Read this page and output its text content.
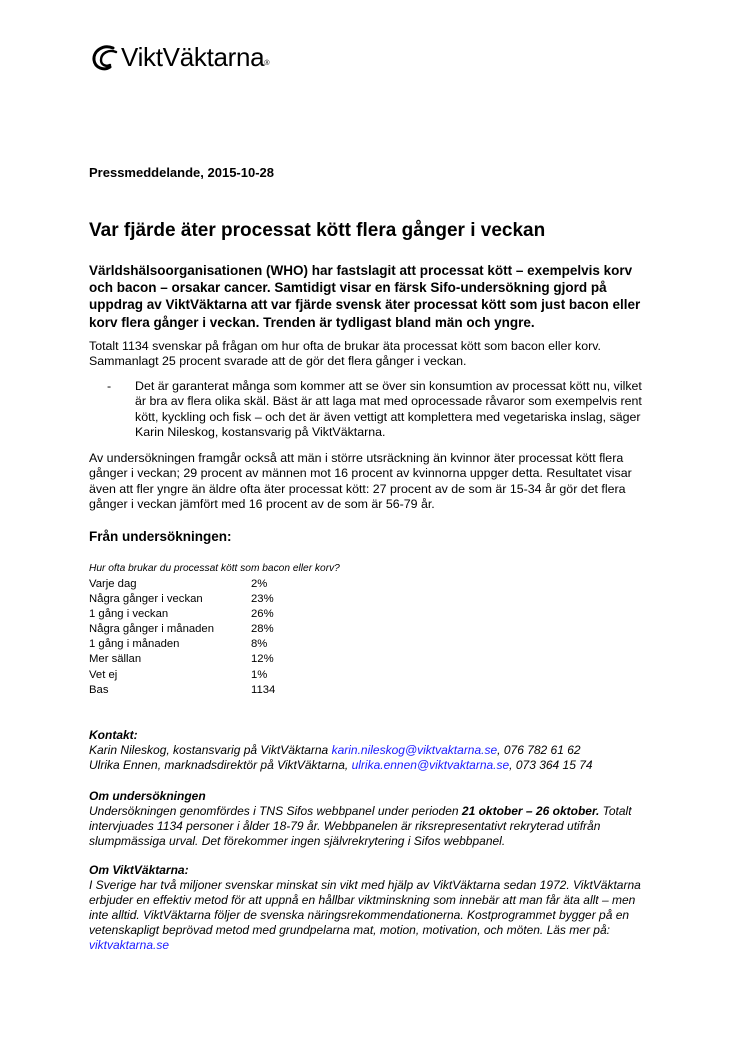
ViktVäktarna ®
Pressmeddelande, 2015-10-28
Var fjärde äter processat kött flera gånger i veckan

Världshälsoorganisationen (WHO) har fastslagit att processat kött – exempelvis korv och bacon – orsakar cancer. Samtidigt visar en färsk Sifo-undersökning gjord på uppdrag av ViktVäktarna att var fjärde svensk äter processat kött som just bacon eller korv flera gånger i veckan. Trenden är tydligast bland män och yngre.

Totalt 1134 svenskar på frågan om hur ofta de brukar äta processat kött som bacon eller korv. Sammanlagt 25 procent svarade att de gör det flera gånger i veckan.

-	Det är garanterat många som kommer att se över sin konsumtion av processat kött nu, vilket är bra av flera olika skäl. Bäst är att laga mat med oprocessade råvaror som exempelvis rent kött, kyckling och fisk – och det är även vettigt att komplettera med vegetariska inslag, säger Karin Nileskog, kostansvarig på ViktVäktarna.

Av undersökningen framgår också att män i större utsräckning än kvinnor äter processat kött flera gånger i veckan; 29 procent av männen mot 16 procent av kvinnorna uppger detta. Resultatet visar även att fler yngre än äldre ofta äter processat kött: 27 procent av de som är 15-34 år gör det flera gånger i veckan jämfört med 16 procent av de som är 56-79 år.

Från undersökningen:
Hur ofta brukar du processat kött som bacon eller korv?
Varje dag	2%
Några gånger i veckan	23%
1 gång i veckan	26%
Några gånger i månaden	28%
1 gång i månaden	8%
Mer sällan	12%
Vet ej	1%
Bas	1134
Kontakt:
Karin Nileskog, kostansvarig på ViktVäktarna karin.nileskog@viktvaktarna.se, 076 782 61 62
Ulrika Ennen, marknadsdirektör på ViktVäktarna, ulrika.ennen@viktvaktarna.se, 073 364 15 74
Om undersökningen
Undersökningen genomfördes i TNS Sifos webbpanel under perioden 21 oktober – 26 oktober. Totalt intervjuades 1134 personer i ålder 18-79 år. Webbpanelen är riksrepresentativt rekryterad utifrån slumpmässiga urval. Det förekommer ingen självrekrytering i Sifos webbpanel.
Om ViktVäktarna:
I Sverige har två miljoner svenskar minskat sin vikt med hjälp av ViktVäktarna sedan 1972. ViktVäktarna erbjuder en effektiv metod för att uppnå en hållbar viktminskning som innebär att man får äta allt – men inte alltid. ViktVäktarna följer de svenska näringsrekommendationerna. Kostprogrammet bygger på en vetenskapligt beprövad metod med grundpelarna mat, motion, motivation, och möten. Läs mer på: viktvaktarna.se
